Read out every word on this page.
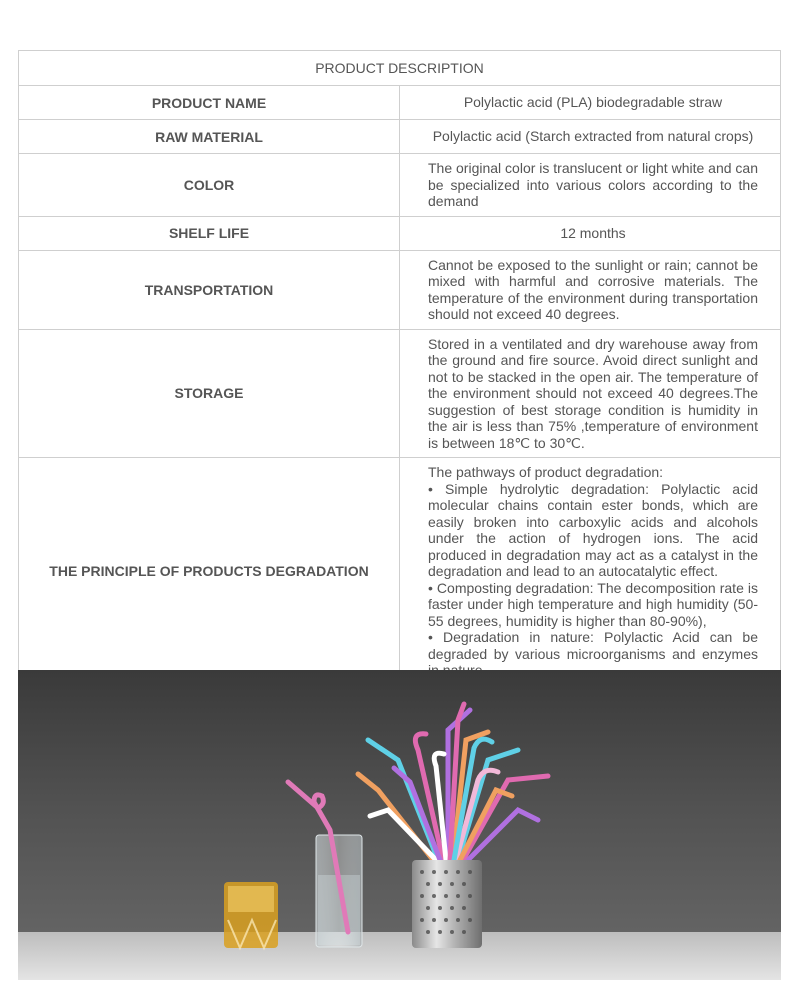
PRODUCT DESCRIPTION	
PRODUCT NAME	Polylactic acid (PLA) biodegradable straw
RAW MATERIAL	Polylactic acid (Starch extracted from natural crops)
COLOR	The original color is translucent or light white and can be specialized into various colors according to the demand
SHELF LIFE	12 months
TRANSPORTATION	Cannot be exposed to the sunlight or rain; cannot be mixed with harmful and corrosive materials. The temperature of the environment during transportation should not exceed 40 degrees.
STORAGE	Stored in a ventilated and dry warehouse away from the ground and fire source. Avoid direct sunlight and not to be stacked in the open air. The temperature of the environment should not exceed 40 degrees.The suggestion of best storage condition is humidity in the air is less than 75% ,temperature of environment is between 18℃ to 30℃.
THE PRINCIPLE OF PRODUCTS DEGRADATION	The pathways of product degradation:
• Simple hydrolytic degradation: Polylactic acid molecular chains contain ester bonds, which are easily broken into carboxylic acids and alcohols under the action of hydrogen ions. The acid produced in degradation may act as a catalyst in the degradation and lead to an autocatalytic effect.
• Composting degradation: The decomposition rate is faster under high temperature and high humidity (50-55 degrees, humidity is higher than 80-90%),
• Degradation in nature: Polylactic Acid can be degraded by various microorganisms and enzymes
